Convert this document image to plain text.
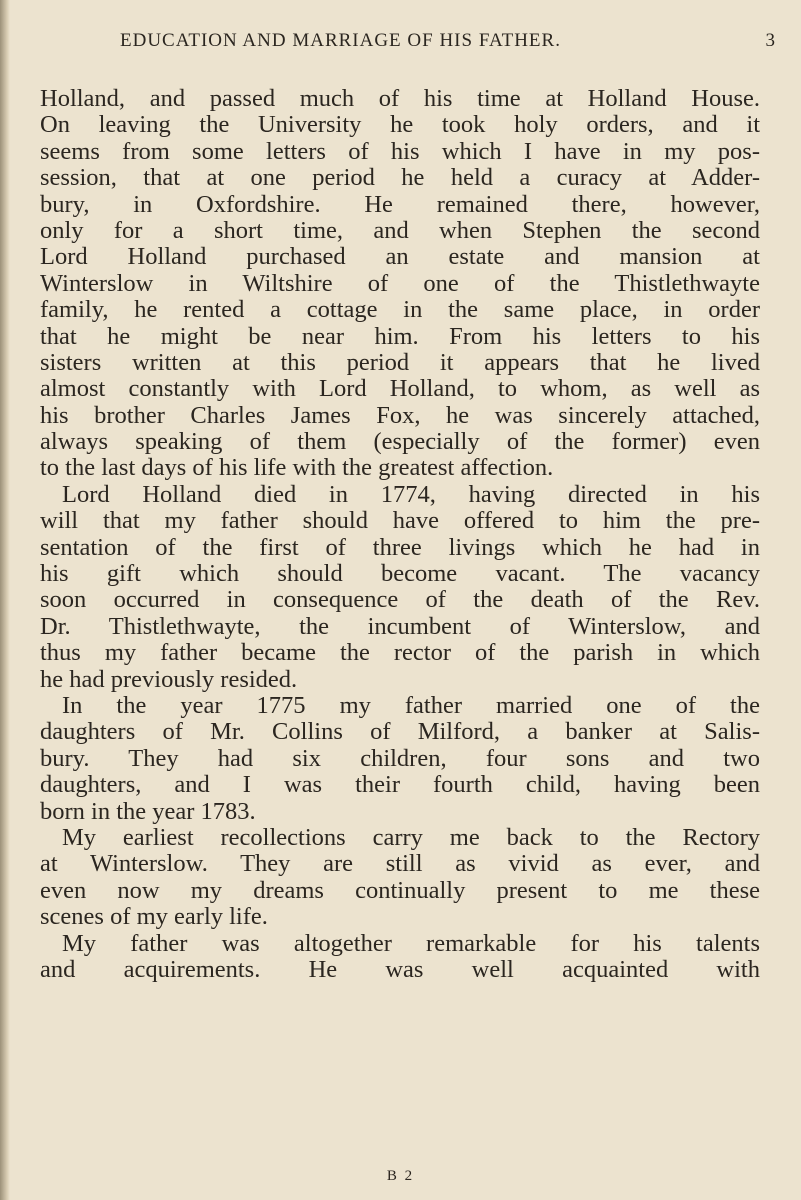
EDUCATION AND MARRIAGE OF HIS FATHER.	3
Holland, and passed much of his time at Holland House.
On leaving the University he took holy orders, and it
seems from some letters of his which I have in my pos-
session, that at one period he held a curacy at Adder-
bury, in Oxfordshire. He remained there, however,
only for a short time, and when Stephen the second
Lord Holland purchased an estate and mansion at
Winterslow in Wiltshire of one of the Thistlethwayte
family, he rented a cottage in the same place, in order
that he might be near him. From his letters to his
sisters written at this period it appears that he lived
almost constantly with Lord Holland, to whom, as well as
his brother Charles James Fox, he was sincerely attached,
always speaking of them (especially of the former) even
to the last days of his life with the greatest affection.
Lord Holland died in 1774, having directed in his
will that my father should have offered to him the pre-
sentation of the first of three livings which he had in
his gift which should become vacant. The vacancy
soon occurred in consequence of the death of the Rev.
Dr. Thistlethwayte, the incumbent of Winterslow, and
thus my father became the rector of the parish in which
he had previously resided.
In the year 1775 my father married one of the
daughters of Mr. Collins of Milford, a banker at Salis-
bury. They had six children, four sons and two
daughters, and I was their fourth child, having been
born in the year 1783.
My earliest recollections carry me back to the Rectory
at Winterslow. They are still as vivid as ever, and
even now my dreams continually present to me these
scenes of my early life.
My father was altogether remarkable for his talents
and acquirements. He was well acquainted with
B 2
